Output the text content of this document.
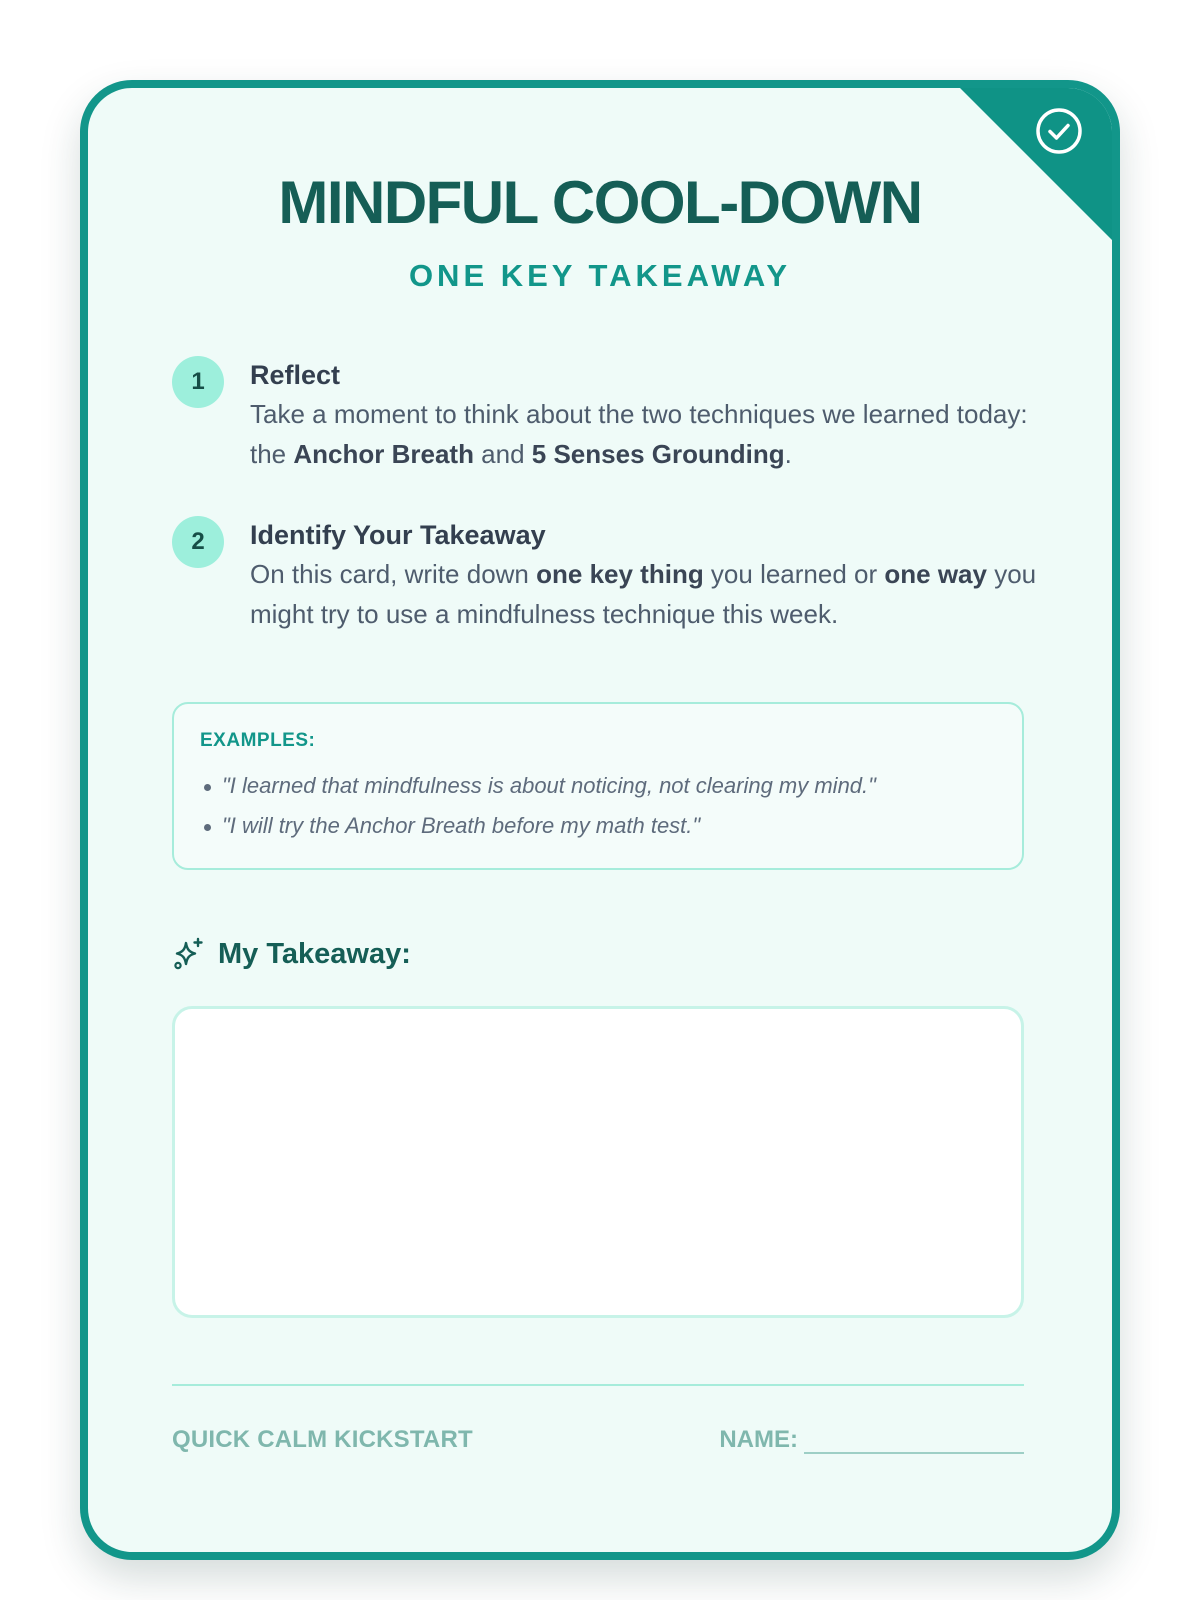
MINDFUL COOL-DOWN
ONE KEY TAKEAWAY
1	Reflect
Take a moment to think about the two techniques we learned today: the Anchor Breath and 5 Senses Grounding.
2	Identify Your Takeaway
On this card, write down one key thing you learned or one way you might try to use a mindfulness technique this week.
EXAMPLES:
"I learned that mindfulness is about noticing, not clearing my mind."
"I will try the Anchor Breath before my math test."
My Takeaway:
QUICK CALM KICKSTART	NAME:
